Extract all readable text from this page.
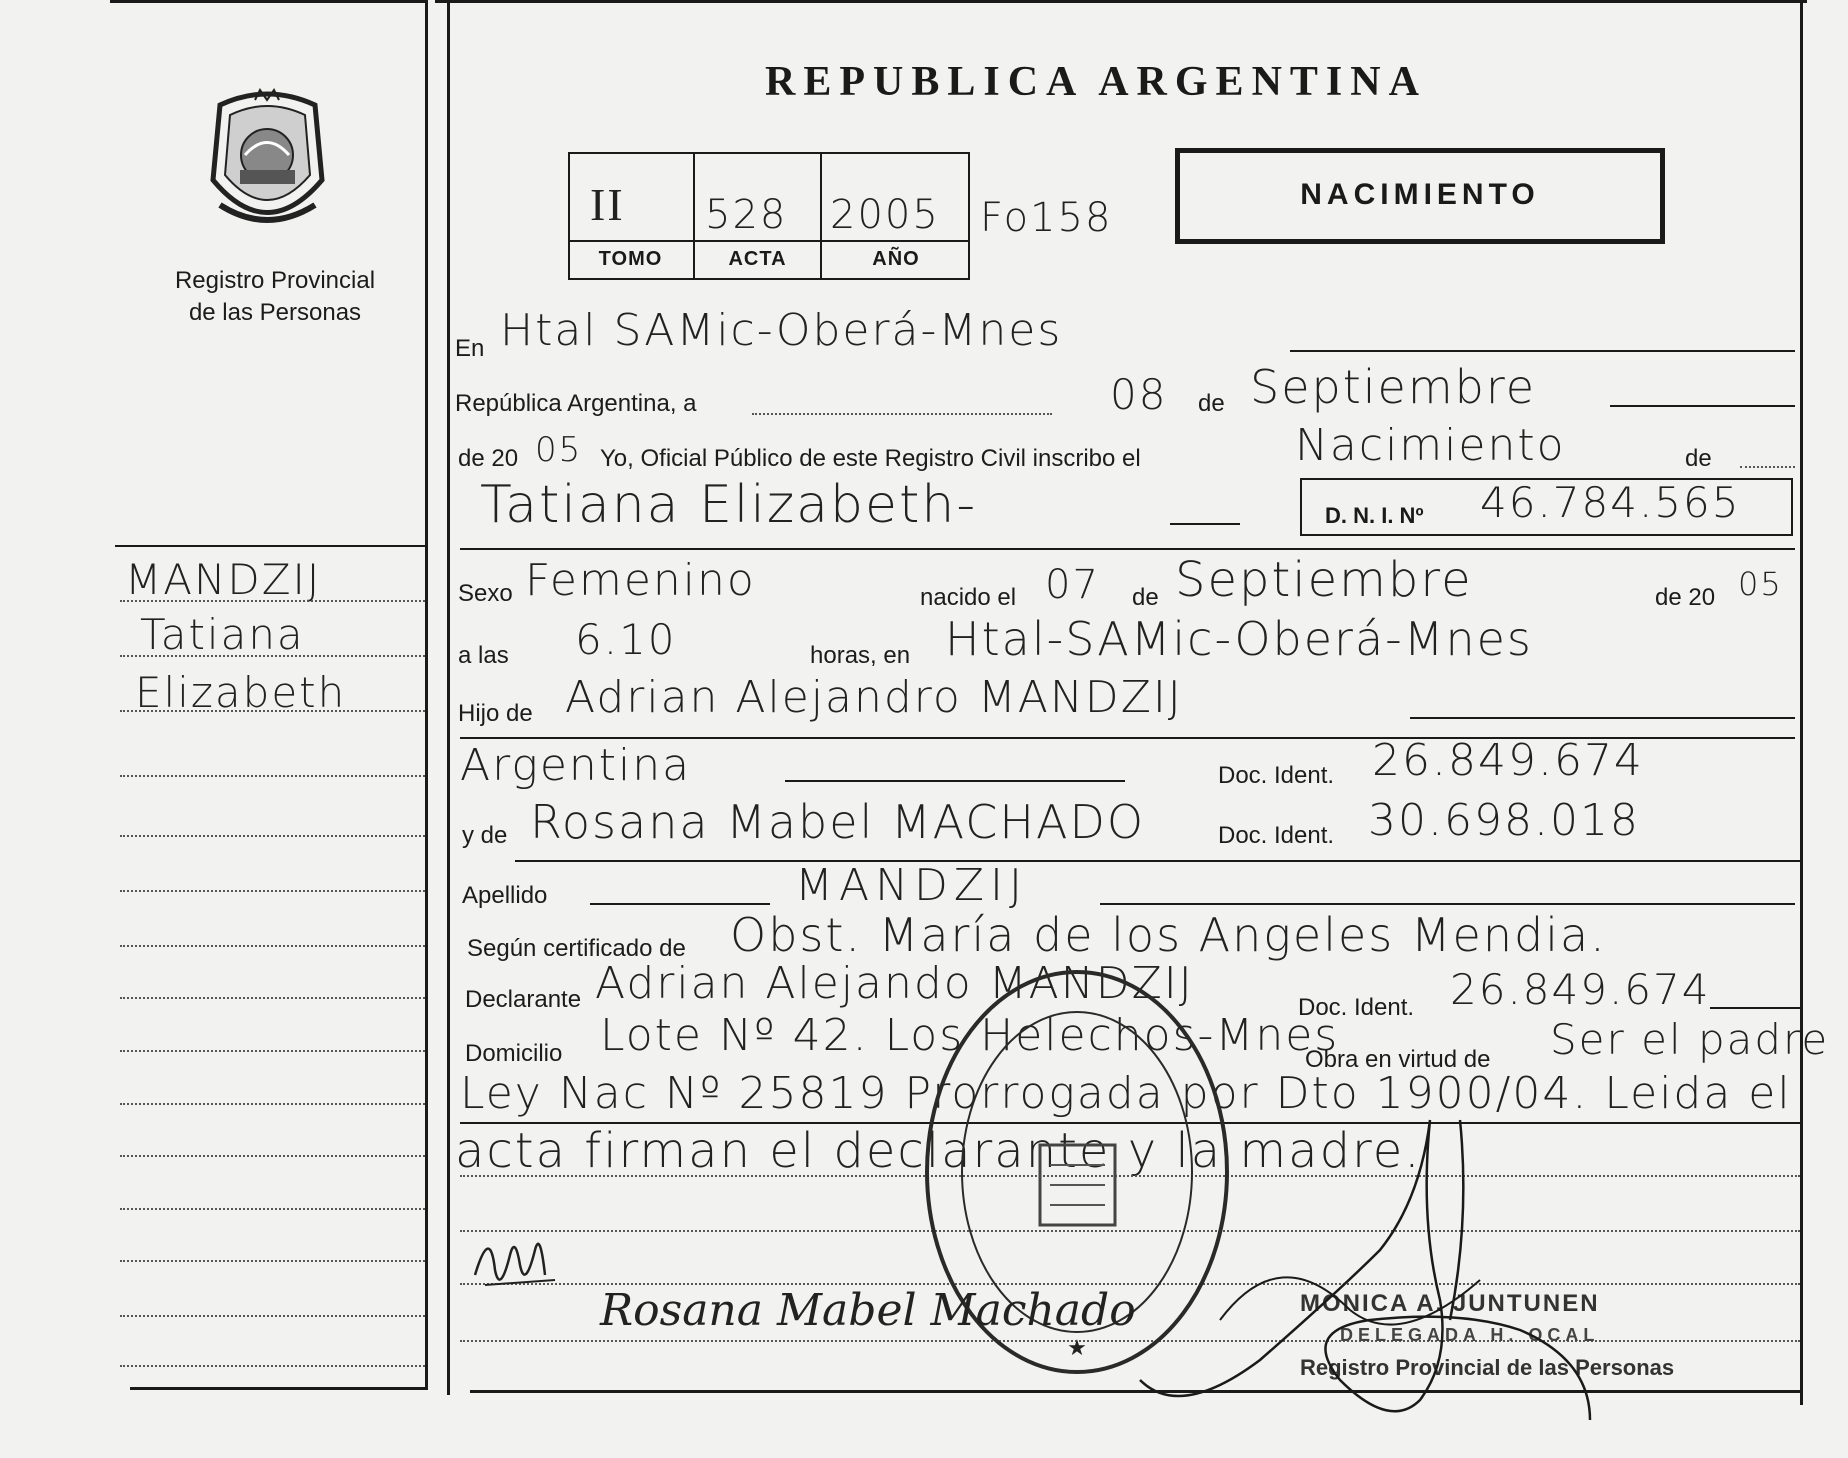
Registro Provincial
de las Personas
REPUBLICA ARGENTINA
II 528 2005
TOMO	ACTA	AÑO
Fo158
NACIMIENTO
MANDZIJ
Tatiana
Elizabeth
En Htal SAMic-Oberá-Mnes
República Argentina, a	08 de Septiembre
de 20 05 Yo, Oficial Público de este Registro Civil inscribo el	Nacimiento	de
Tatiana Elizabeth-	D. N. I. Nº 46.784.565
Sexo Femenino	nacido el 07 de Septiembre	de 20 05
a las 6.10	horas, en Htal-SAMic-Oberá-Mnes
Hijo de Adrian Alejandro MANDZIJ
Argentina	Doc. Ident. 26.849.674
y de Rosana Mabel MACHADO	Doc. Ident. 30.698.018
Apellido	MANDZIJ
Según certificado de Obst. María de los Angeles Mendia.
Declarante Adrian Alejando MANDZIJ	Doc. Ident. 26.849.674
Domicilio Lote Nº 42. Los Helechos-Mnes
Obra en virtud de Ser el padre
Ley Nac Nº 25819 Prorrogada por Dto 1900/04. Leida el
acta firman el declarante y la madre.
★
Rosana Mabel Machado	MONICA A. JUNTUNEN
DELEGADA H. OCAL
Registro Provincial de las Personas
